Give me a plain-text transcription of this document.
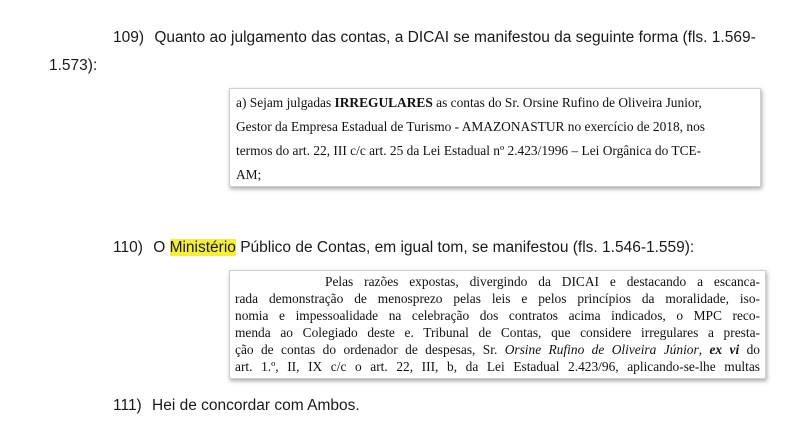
109) Quanto ao julgamento das contas, a DICAI se manifestou da seguinte forma (fls. 1.569-
1.573):
a) Sejam julgadas IRREGULARES as contas do Sr. Orsine Rufino de Oliveira Junior,
Gestor da Empresa Estadual de Turismo - AMAZONASTUR no exercício de 2018, nos
termos do art. 22, III c/c art. 25 da Lei Estadual nº 2.423/1996 – Lei Orgânica do TCE-
AM;
110) O Ministério Público de Contas, em igual tom, se manifestou (fls. 1.546-1.559):
Pelas razões expostas, divergindo da DICAI e destacando a escanca-
rada demonstração de menosprezo pelas leis e pelos princípios da moralidade, iso-
nomia e impessoalidade na celebração dos contratos acima indicados, o MPC reco-
menda ao Colegiado deste e. Tribunal de Contas, que considere irregulares a presta-
ção de contas do ordenador de despesas, Sr. Orsine Rufino de Oliveira Júnior, ex vi do
art. 1.º, II, IX c/c o art. 22, III, b, da Lei Estadual 2.423/96, aplicando-se-lhe multas
111) Hei de concordar com Ambos.
